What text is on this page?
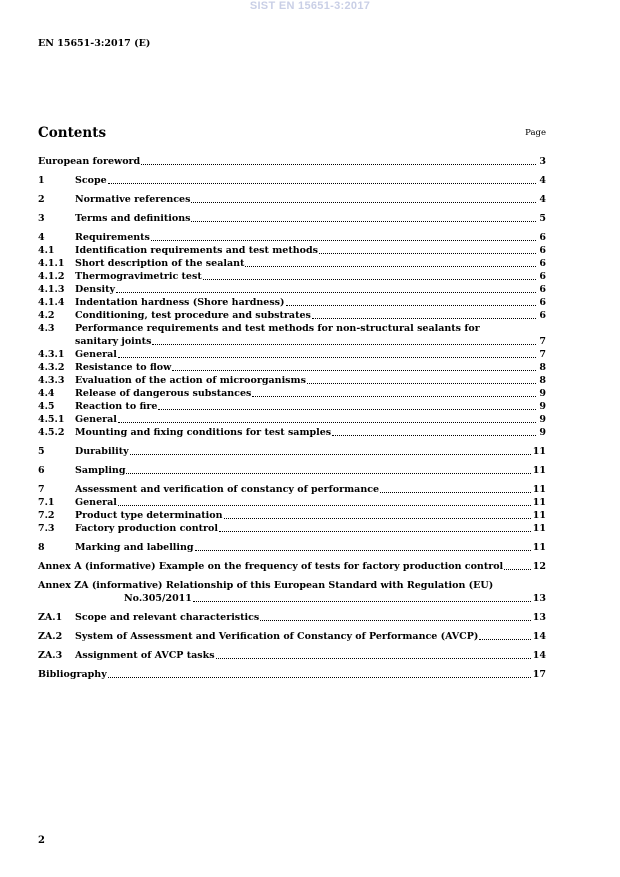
SIST EN 15651-3:2017
EN 15651-3:2017 (E)
Contents	Page
European foreword	3
1	Scope	4
2	Normative references	4
3	Terms and definitions	5
4	Requirements	6
4.1	Identification requirements and test methods	6
4.1.1	Short description of the sealant	6
4.1.2	Thermogravimetric test	6
4.1.3	Density	6
4.1.4	Indentation hardness (Shore hardness)	6
4.2	Conditioning, test procedure and substrates	6
4.3	Performance requirements and test methods for non-structural sealants for
sanitary joints	7
4.3.1	General	7
4.3.2	Resistance to flow	8
4.3.3	Evaluation of the action of microorganisms	8
4.4	Release of dangerous substances	9
4.5	Reaction to fire	9
4.5.1	General	9
4.5.2	Mounting and fixing conditions for test samples	9
5	Durability	11
6	Sampling	11
7	Assessment and verification of constancy of performance	11
7.1	General	11
7.2	Product type determination	11
7.3	Factory production control	11
8	Marking and labelling	11
Annex A (informative) Example on the frequency of tests for factory production control	12
Annex ZA (informative) Relationship of this European Standard with Regulation (EU)
No.305/2011	13
ZA.1	Scope and relevant characteristics	13
ZA.2	System of Assessment and Verification of Constancy of Performance (AVCP)	14
ZA.3	Assignment of AVCP tasks	14
Bibliography	17
2
